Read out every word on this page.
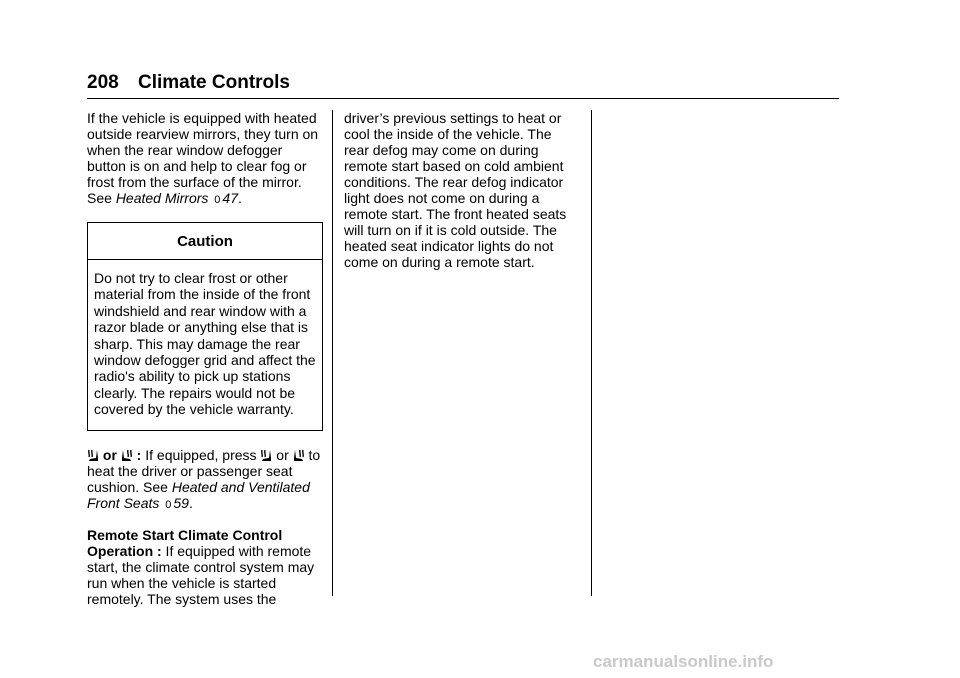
208 Climate Controls

If the vehicle is equipped with heated outside rearview mirrors, they turn on when the rear window defogger button is on and help to clear fog or frost from the surface of the mirror. See Heated Mirrors 0 47.

Caution
Do not try to clear frost or other material from the inside of the front windshield and rear window with a razor blade or anything else that is sharp. This may damage the rear window defogger grid and affect the radio's ability to pick up stations clearly. The repairs would not be covered by the vehicle warranty.

or : If equipped, press  or  to heat the driver or passenger seat cushion. See Heated and Ventilated Front Seats 0 59.

Remote Start Climate Control Operation : If equipped with remote start, the climate control system may run when the vehicle is started remotely. The system uses the

driver’s previous settings to heat or cool the inside of the vehicle. The rear defog may come on during remote start based on cold ambient conditions. The rear defog indicator light does not come on during a remote start. The front heated seats will turn on if it is cold outside. The heated seat indicator lights do not come on during a remote start.

carmanualsonline.info
